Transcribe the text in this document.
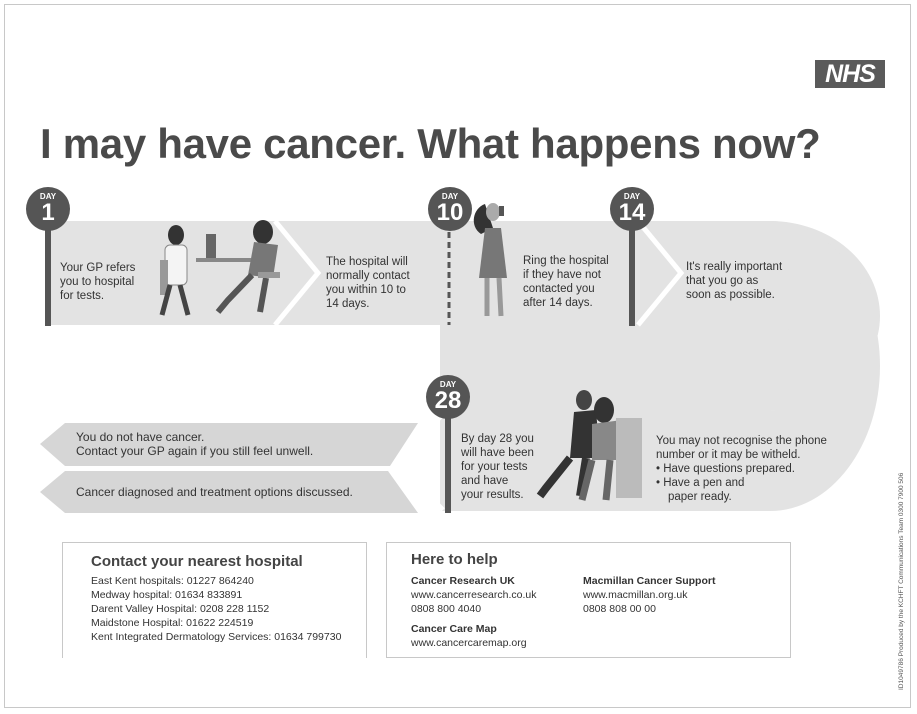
NHS
I may have cancer. What happens now?
DAY
1
DAY
10
DAY
14
DAY
28
Your GP refers
you to hospital
for tests.
The hospital will
normally contact
you within 10 to
14 days.
Ring the hospital
if they have not
contacted you
after 14 days.
It's really important
that you go as
soon as possible.
By day 28 you
will have been
for your tests
and have
your results.
You may not recognise the phone
number or it may be witheld.
• Have questions prepared.
• Have a pen and
paper ready.
You do not have cancer.
Contact your GP again if you still feel unwell.
Cancer diagnosed and treatment options discussed.
Contact your nearest hospital
East Kent hospitals: 01227 864240
Medway hospital: 01634 833891
Darent Valley Hospital: 0208 228 1152
Maidstone Hospital: 01622 224519
Kent Integrated Dermatology Services: 01634 799730
Here to help
Cancer Research UK
www.cancerresearch.co.uk
0808 800 4040
Cancer Care Map
www.cancercaremap.org
Macmillan Cancer Support
www.macmillan.org.uk
0808 808 00 00	ID1049786 Produced by the KCHFT Communications Team 0300 7900 506
